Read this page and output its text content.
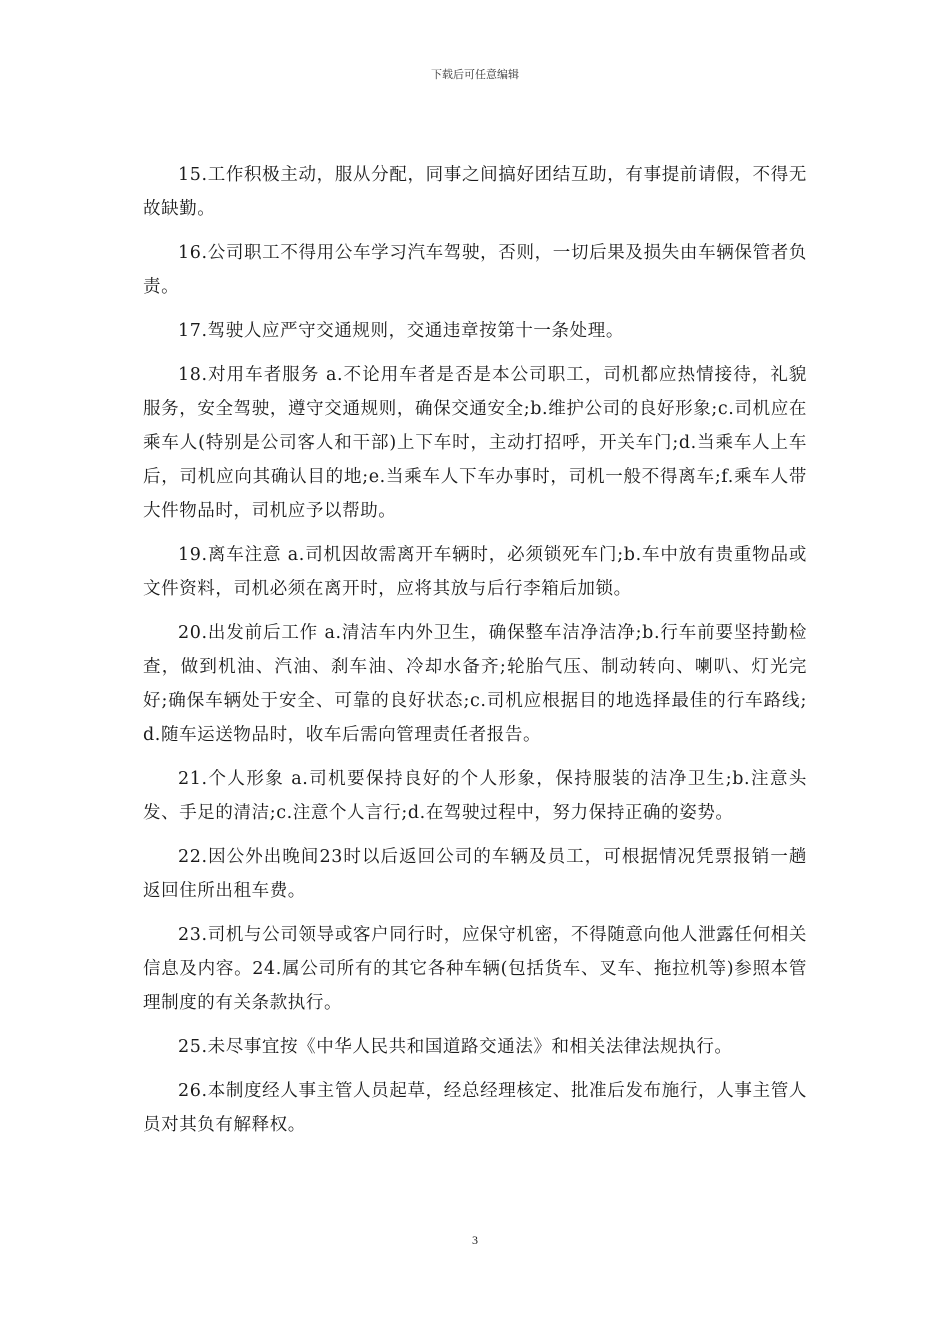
下载后可任意编辑

15.工作积极主动，服从分配，同事之间搞好团结互助，有事提前请假，不得无故缺勤。

16.公司职工不得用公车学习汽车驾驶，否则，一切后果及损失由车辆保管者负责。

17.驾驶人应严守交通规则，交通违章按第十一条处理。

18.对用车者服务 a.不论用车者是否是本公司职工，司机都应热情接待，礼貌服务，安全驾驶，遵守交通规则，确保交通安全;b.维护公司的良好形象;c.司机应在乘车人(特别是公司客人和干部)上下车时，主动打招呼，开关车门;d.当乘车人上车后，司机应向其确认目的地;e.当乘车人下车办事时，司机一般不得离车;f.乘车人带大件物品时，司机应予以帮助。

19.离车注意 a.司机因故需离开车辆时，必须锁死车门;b.车中放有贵重物品或文件资料，司机必须在离开时，应将其放与后行李箱后加锁。

20.出发前后工作 a.清洁车内外卫生，确保整车洁净洁净;b.行车前要坚持勤检查，做到机油、汽油、刹车油、冷却水备齐;轮胎气压、制动转向、喇叭、灯光完好;确保车辆处于安全、可靠的良好状态;c.司机应根据目的地选择最佳的行车路线;d.随车运送物品时，收车后需向管理责任者报告。

21.个人形象 a.司机要保持良好的个人形象，保持服装的洁净卫生;b.注意头发、手足的清洁;c.注意个人言行;d.在驾驶过程中，努力保持正确的姿势。

22.因公外出晚间23时以后返回公司的车辆及员工，可根据情况凭票报销一趟返回住所出租车费。

23.司机与公司领导或客户同行时，应保守机密，不得随意向他人泄露任何相关信息及内容。24.属公司所有的其它各种车辆(包括货车、叉车、拖拉机等)参照本管理制度的有关条款执行。

25.未尽事宜按《中华人民共和国道路交通法》和相关法律法规执行。

26.本制度经人事主管人员起草，经总经理核定、批准后发布施行，人事主管人员对其负有解释权。

3
